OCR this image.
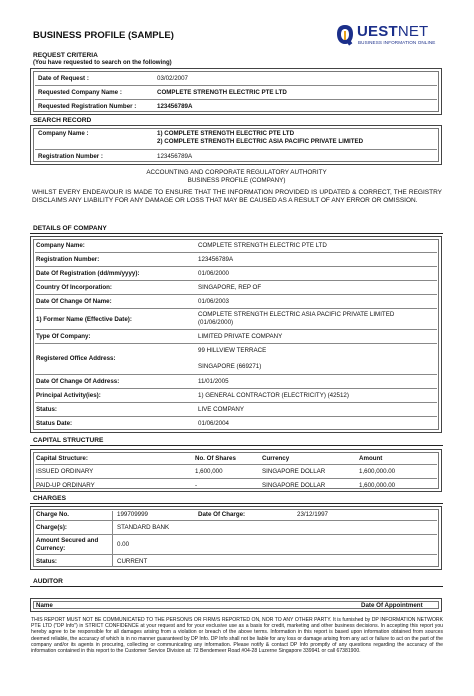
BUSINESS PROFILE (SAMPLE)	UESTNET
BUSINESS INFORMATION ONLINE
REQUEST CRITERIA
(You have requested to search on the following)
Date of Request :	03/02/2007
Requested Company Name :	COMPLETE STRENGTH ELECTRIC PTE LTD
Requested Registration Number :	123456789A
SEARCH RECORD
Company Name :	1) COMPLETE STRENGTH ELECTRIC PTE LTD
2) COMPLETE STRENGTH ELECTRIC ASIA PACIFIC PRIVATE LIMITED
Registration Number :	123456789A
ACCOUNTING AND CORPORATE REGULATORY AUTHORITY
BUSINESS PROFILE (COMPANY)
WHILST EVERY ENDEAVOUR IS MADE TO ENSURE THAT THE INFORMATION PROVIDED IS UPDATED & CORRECT, THE REGISTRY DISCLAIMS ANY LIABILITY FOR ANY DAMAGE OR LOSS THAT MAY BE CAUSED AS A RESULT OF ANY ERROR OR OMISSION.
DETAILS OF COMPANY
Company Name:	COMPLETE STRENGTH ELECTRIC PTE LTD
Registration Number:	123456789A
Date Of Registration (dd/mm/yyyy):	01/06/2000
Country Of Incorporation:	SINGAPORE, REP OF
Date Of Change Of Name:	01/06/2003
1) Former Name (Effective Date):
COMPLETE STRENGTH ELECTRIC ASIA PACIFIC PRIVATE LIMITED
(01/06/2000)
Type Of Company:	LIMITED PRIVATE COMPANY
Registered Office Address:
99 HILLVIEW TERRACE
SINGAPORE (669271)
Date Of Change Of Address:	11/01/2005
Principal Activity(ies):	1) GENERAL CONTRACTOR (ELECTRICITY) (42512)
Status:	LIVE COMPANY
Status Date:	01/06/2004
CAPITAL STRUCTURE
Capital Structure:	No. Of Shares	Currency	Amount
ISSUED ORDINARY	1,600,000	SINGAPORE DOLLAR	1,600,000.00
PAID-UP ORDINARY	-	SINGAPORE DOLLAR	1,600,000.00
CHARGES
Charge No.	199709999	Date Of Charge:	23/12/1997
Charge(s):	STANDARD BANK
Amount Secured and
Currency:
0.00
Status:	CURRENT
AUDITOR
Name	Date Of Appointment
THIS REPORT MUST NOT BE COMMUNICATED TO THE PERSON/S OR FIRM/S REPORTED ON, NOR TO ANY OTHER PARTY. It is furnished by DP INFORMATION NETWORK PTE LTD ("DP Info") in STRICT CONFIDENCE at your request and for your exclusive use as a basis for credit, marketing and other business decisions. In accepting this report you hereby agree to be responsible for all damages arising from a violation or breach of the above terms. Information in this report is based upon information obtained from sources deemed reliable, the accuracy of which is in no manner guaranteed by DP Info. DP Info shall not be liable for any loss or damage arising from any act or failure to act on the part of the company and/or its agents in procuring, collecting or communicating any information. Please notify & contact DP Info promptly of any questions regarding the accuracy of the information contained in this report to the Customer Service Division at: 72 Bendemeer Road #04-28 Luzerne Singapore 339941 or call 67381900.
